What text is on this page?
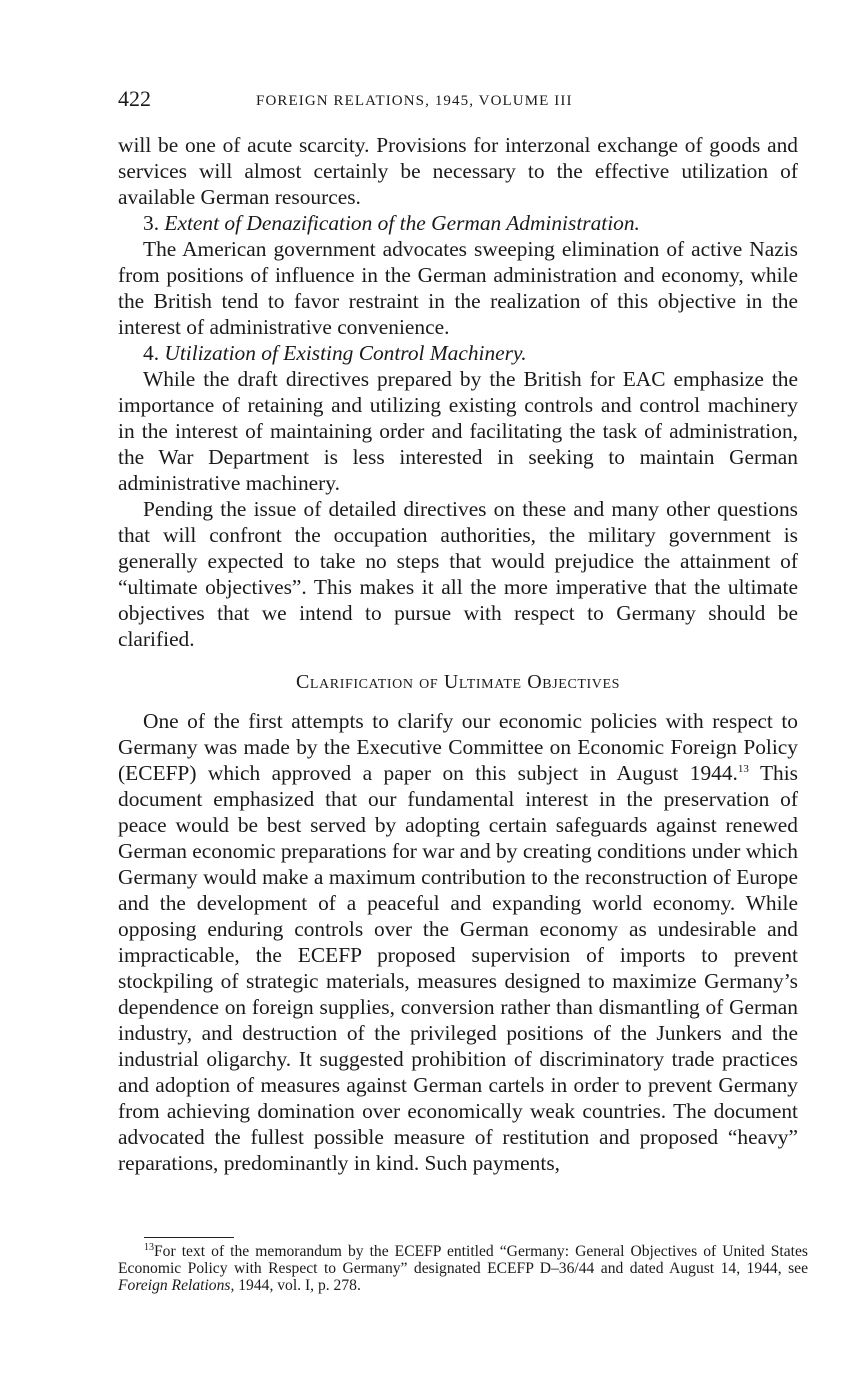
422	FOREIGN RELATIONS, 1945, VOLUME III

will be one of acute scarcity. Provisions for interzonal exchange of goods and services will almost certainly be necessary to the effective utilization of available German resources.

3. Extent of Denazification of the German Administration.

The American government advocates sweeping elimination of active Nazis from positions of influence in the German administration and economy, while the British tend to favor restraint in the realization of this objective in the interest of administrative convenience.

4. Utilization of Existing Control Machinery.

While the draft directives prepared by the British for EAC emphasize the importance of retaining and utilizing existing controls and control machinery in the interest of maintaining order and facilitating the task of administration, the War Department is less interested in seeking to maintain German administrative machinery.

Pending the issue of detailed directives on these and many other questions that will confront the occupation authorities, the military government is generally expected to take no steps that would prejudice the attainment of “ultimate objectives”. This makes it all the more imperative that the ultimate objectives that we intend to pursue with respect to Germany should be clarified.

Clarification of Ultimate Objectives

One of the first attempts to clarify our economic policies with respect to Germany was made by the Executive Committee on Economic Foreign Policy (ECEFP) which approved a paper on this subject in August 1944.13 This document emphasized that our fundamental interest in the preservation of peace would be best served by adopting certain safeguards against renewed German economic preparations for war and by creating conditions under which Germany would make a maximum contribution to the reconstruction of Europe and the development of a peaceful and expanding world economy. While opposing enduring controls over the German economy as undesirable and impracticable, the ECEFP proposed supervision of imports to prevent stockpiling of strategic materials, measures designed to maximize Germany’s dependence on foreign supplies, conversion rather than dismantling of German industry, and destruction of the privileged positions of the Junkers and the industrial oligarchy. It suggested prohibition of discriminatory trade practices and adoption of measures against German cartels in order to prevent Germany from achieving domination over economically weak countries. The document advocated the fullest possible measure of restitution and proposed “heavy” reparations, predominantly in kind. Such payments,

$^{13}$For text of the memorandum by the ECEFP entitled “Germany: General Objectives of United States Economic Policy with Respect to Germany” designated ECEFP D–36/44 and dated August 14, 1944, see Foreign Relations, 1944, vol. I, p. 278.
